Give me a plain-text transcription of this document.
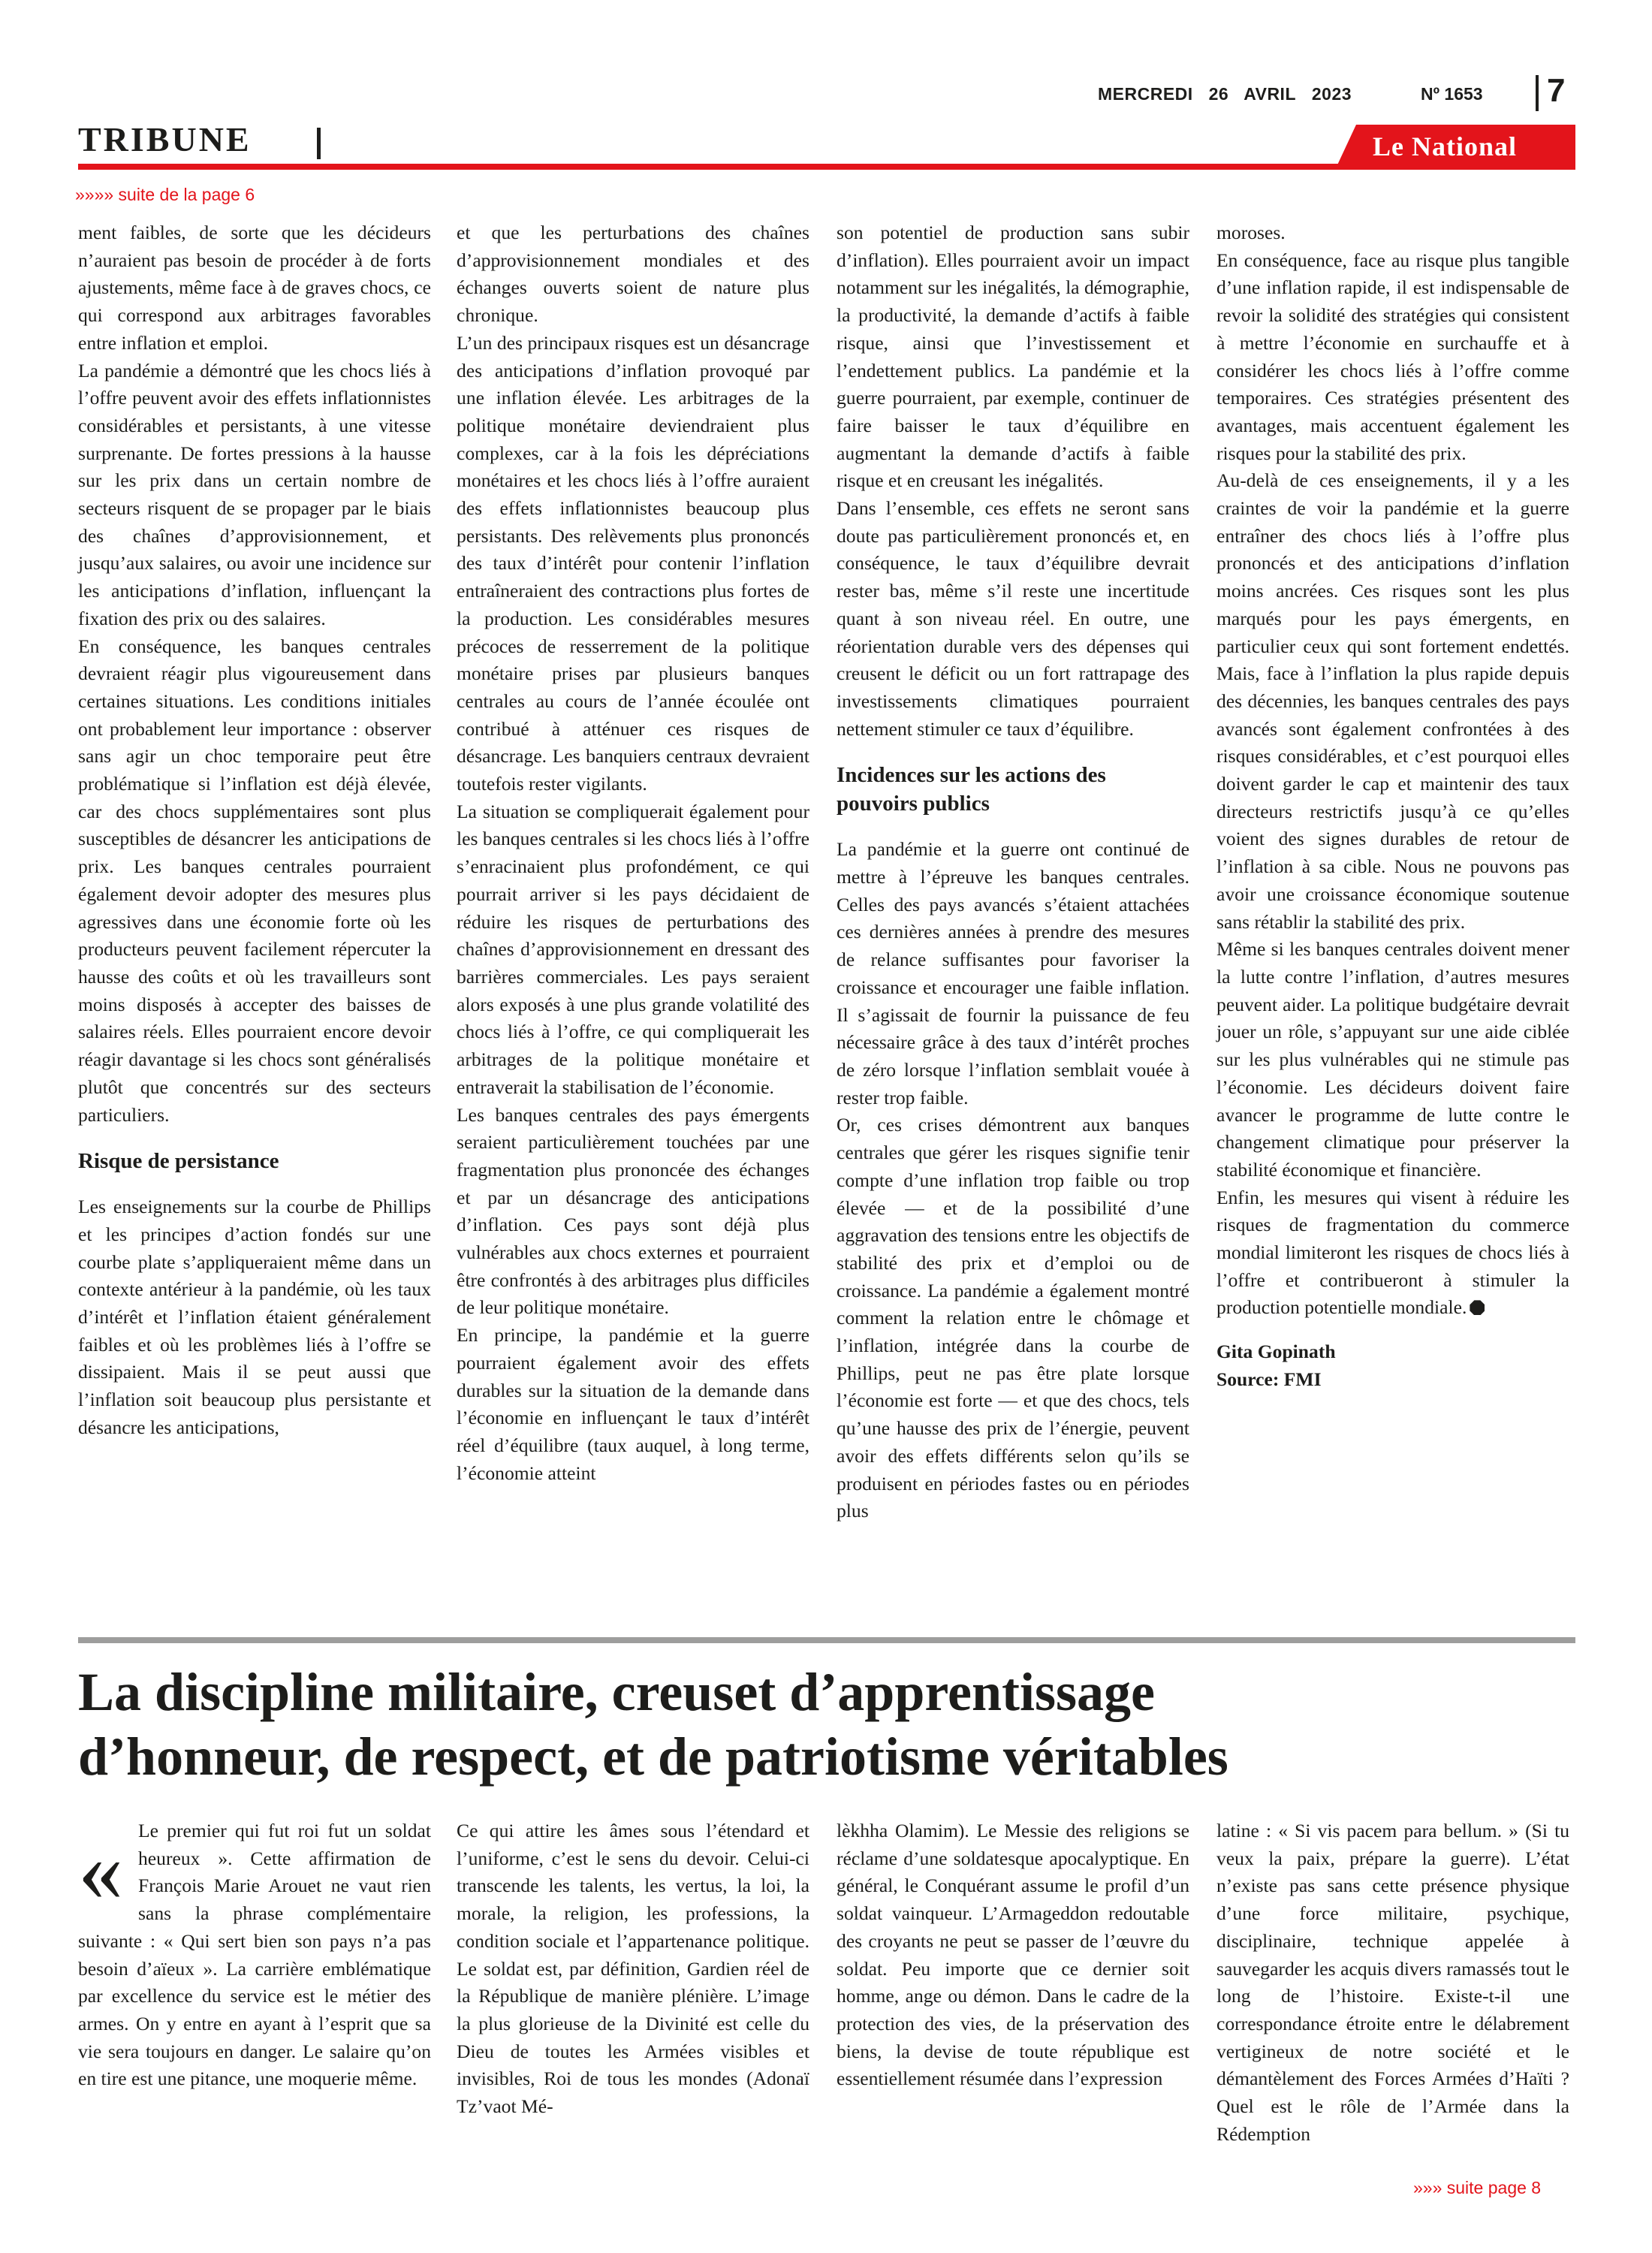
MERCREDI 26 AVRIL 2023	Nº 1653 7
TRIBUNE	Le National
»»»» suite de la page 6

ment faibles, de sorte que les décideurs n’auraient pas besoin de procéder à de forts ajustements, même face à de graves chocs, ce qui correspond aux arbitrages favorables entre inflation et emploi.

La pandémie a démontré que les chocs liés à l’offre peuvent avoir des effets inflationnistes considérables et persistants, à une vitesse surprenante. De fortes pressions à la hausse sur les prix dans un certain nombre de secteurs risquent de se propager par le biais des chaînes d’approvisionnement, et jusqu’aux salaires, ou avoir une incidence sur les anticipations d’inflation, influençant la fixation des prix ou des salaires.

En conséquence, les banques centrales devraient réagir plus vigoureusement dans certaines situations. Les conditions initiales ont probablement leur importance : observer sans agir un choc temporaire peut être problématique si l’inflation est déjà élevée, car des chocs supplémentaires sont plus susceptibles de désancrer les anticipations de prix. Les banques centrales pourraient également devoir adopter des mesures plus agressives dans une économie forte où les producteurs peuvent facilement répercuter la hausse des coûts et où les travailleurs sont moins disposés à accepter des baisses de salaires réels. Elles pourraient encore devoir réagir davantage si les chocs sont généralisés plutôt que concentrés sur des secteurs particuliers.

Risque de persistance

Les enseignements sur la courbe de Phillips et les principes d’action fondés sur une courbe plate s’appliqueraient même dans un contexte antérieur à la pandémie, où les taux d’intérêt et l’inflation étaient généralement faibles et où les problèmes liés à l’offre se dissipaient. Mais il se peut aussi que l’inflation soit beaucoup plus persistante et désancre les anticipations,

et que les perturbations des chaînes d’approvisionnement mondiales et des échanges ouverts soient de nature plus chronique.

L’un des principaux risques est un désancrage des anticipations d’inflation provoqué par une inflation élevée. Les arbitrages de la politique monétaire deviendraient plus complexes, car à la fois les dépréciations monétaires et les chocs liés à l’offre auraient des effets inflationnistes beaucoup plus persistants. Des relèvements plus prononcés des taux d’intérêt pour contenir l’inflation entraîneraient des contractions plus fortes de la production. Les considérables mesures précoces de resserrement de la politique monétaire prises par plusieurs banques centrales au cours de l’année écoulée ont contribué à atténuer ces risques de désancrage. Les banquiers centraux devraient toutefois rester vigilants.

La situation se compliquerait également pour les banques centrales si les chocs liés à l’offre s’enracinaient plus profondément, ce qui pourrait arriver si les pays décidaient de réduire les risques de perturbations des chaînes d’approvisionnement en dressant des barrières commerciales. Les pays seraient alors exposés à une plus grande volatilité des chocs liés à l’offre, ce qui compliquerait les arbitrages de la politique monétaire et entraverait la stabilisation de l’économie.

Les banques centrales des pays émergents seraient particulièrement touchées par une fragmentation plus prononcée des échanges et par un désancrage des anticipations d’inflation. Ces pays sont déjà plus vulnérables aux chocs externes et pourraient être confrontés à des arbitrages plus difficiles de leur politique monétaire.

En principe, la pandémie et la guerre pourraient également avoir des effets durables sur la situation de la demande dans l’économie en influençant le taux d’intérêt réel d’équilibre (taux auquel, à long terme, l’économie atteint

son potentiel de production sans subir d’inflation). Elles pourraient avoir un impact notamment sur les inégalités, la démographie, la productivité, la demande d’actifs à faible risque, ainsi que l’investissement et l’endettement publics. La pandémie et la guerre pourraient, par exemple, continuer de faire baisser le taux d’équilibre en augmentant la demande d’actifs à faible risque et en creusant les inégalités.

Dans l’ensemble, ces effets ne seront sans doute pas particulièrement prononcés et, en conséquence, le taux d’équilibre devrait rester bas, même s’il reste une incertitude quant à son niveau réel. En outre, une réorientation durable vers des dépenses qui creusent le déficit ou un fort rattrapage des investissements climatiques pourraient nettement stimuler ce taux d’équilibre.

Incidences sur les actions des pouvoirs publics

La pandémie et la guerre ont continué de mettre à l’épreuve les banques centrales. Celles des pays avancés s’étaient attachées ces dernières années à prendre des mesures de relance suffisantes pour favoriser la croissance et encourager une faible inflation. Il s’agissait de fournir la puissance de feu nécessaire grâce à des taux d’intérêt proches de zéro lorsque l’inflation semblait vouée à rester trop faible.

Or, ces crises démontrent aux banques centrales que gérer les risques signifie tenir compte d’une inflation trop faible ou trop élevée — et de la possibilité d’une aggravation des tensions entre les objectifs de stabilité des prix et d’emploi ou de croissance. La pandémie a également montré comment la relation entre le chômage et l’inflation, intégrée dans la courbe de Phillips, peut ne pas être plate lorsque l’économie est forte — et que des chocs, tels qu’une hausse des prix de l’énergie, peuvent avoir des effets différents selon qu’ils se produisent en périodes fastes ou en périodes plus

moroses.

En conséquence, face au risque plus tangible d’une inflation rapide, il est indispensable de revoir la solidité des stratégies qui consistent à mettre l’économie en surchauffe et à considérer les chocs liés à l’offre comme temporaires. Ces stratégies présentent des avantages, mais accentuent également les risques pour la stabilité des prix.

Au-delà de ces enseignements, il y a les craintes de voir la pandémie et la guerre entraîner des chocs liés à l’offre plus prononcés et des anticipations d’inflation moins ancrées. Ces risques sont les plus marqués pour les pays émergents, en particulier ceux qui sont fortement endettés. Mais, face à l’inflation la plus rapide depuis des décennies, les banques centrales des pays avancés sont également confrontées à des risques considérables, et c’est pourquoi elles doivent garder le cap et maintenir des taux directeurs restrictifs jusqu’à ce qu’elles voient des signes durables de retour de l’inflation à sa cible. Nous ne pouvons pas avoir une croissance économique soutenue sans rétablir la stabilité des prix.

Même si les banques centrales doivent mener la lutte contre l’inflation, d’autres mesures peuvent aider. La politique budgétaire devrait jouer un rôle, s’appuyant sur une aide ciblée sur les plus vulnérables qui ne stimule pas l’économie. Les décideurs doivent faire avancer le programme de lutte contre le changement climatique pour préserver la stabilité économique et financière.

Enfin, les mesures qui visent à réduire les risques de fragmentation du commerce mondial limiteront les risques de chocs liés à l’offre et contribueront à stimuler la production potentielle mondiale.

Gita Gopinath
Source: FMI
La discipline militaire, creuset d’apprentissage
d’honneur, de respect, et de patriotisme véritables
« Le premier qui fut roi fut un soldat heureux ». Cette affirmation de François Marie Arouet ne vaut rien sans la phrase complémentaire suivante : « Qui sert bien son pays n’a pas besoin d’aïeux ». La carrière emblématique par excellence du service est le métier des armes. On y entre en ayant à l’esprit que sa vie sera toujours en danger. Le salaire qu’on en tire est une pitance, une moquerie même.
Ce qui attire les âmes sous l’étendard et l’uniforme, c’est le sens du devoir. Celui-ci transcende les talents, les vertus, la loi, la morale, la religion, les professions, la condition sociale et l’appartenance politique. Le soldat est, par définition, Gardien réel de la République de manière plénière. L’image la plus glorieuse de la Divinité est celle du Dieu de toutes les Armées visibles et invisibles, Roi de tous les mondes (Adonaï Tz’vaot Mé-
lèkhha Olamim). Le Messie des religions se réclame d’une soldatesque apocalyptique. En général, le Conquérant assume le profil d’un soldat vainqueur. L’Armageddon redoutable des croyants ne peut se passer de l’œuvre du soldat. Peu importe que ce dernier soit homme, ange ou démon. Dans le cadre de la protection des vies, de la préservation des biens, la devise de toute république est essentiellement résumée dans l’expression
latine : « Si vis pacem para bellum. » (Si tu veux la paix, prépare la guerre). L’état n’existe pas sans cette présence physique d’une force militaire, psychique, disciplinaire, technique appelée à sauvegarder les acquis divers ramassés tout le long de l’histoire. Existe-t-il une correspondance étroite entre le délabrement vertigineux de notre société et le démantèlement des Forces Armées d’Haïti ? Quel est le rôle de l’Armée dans la Rédemption
»»» suite page 8
